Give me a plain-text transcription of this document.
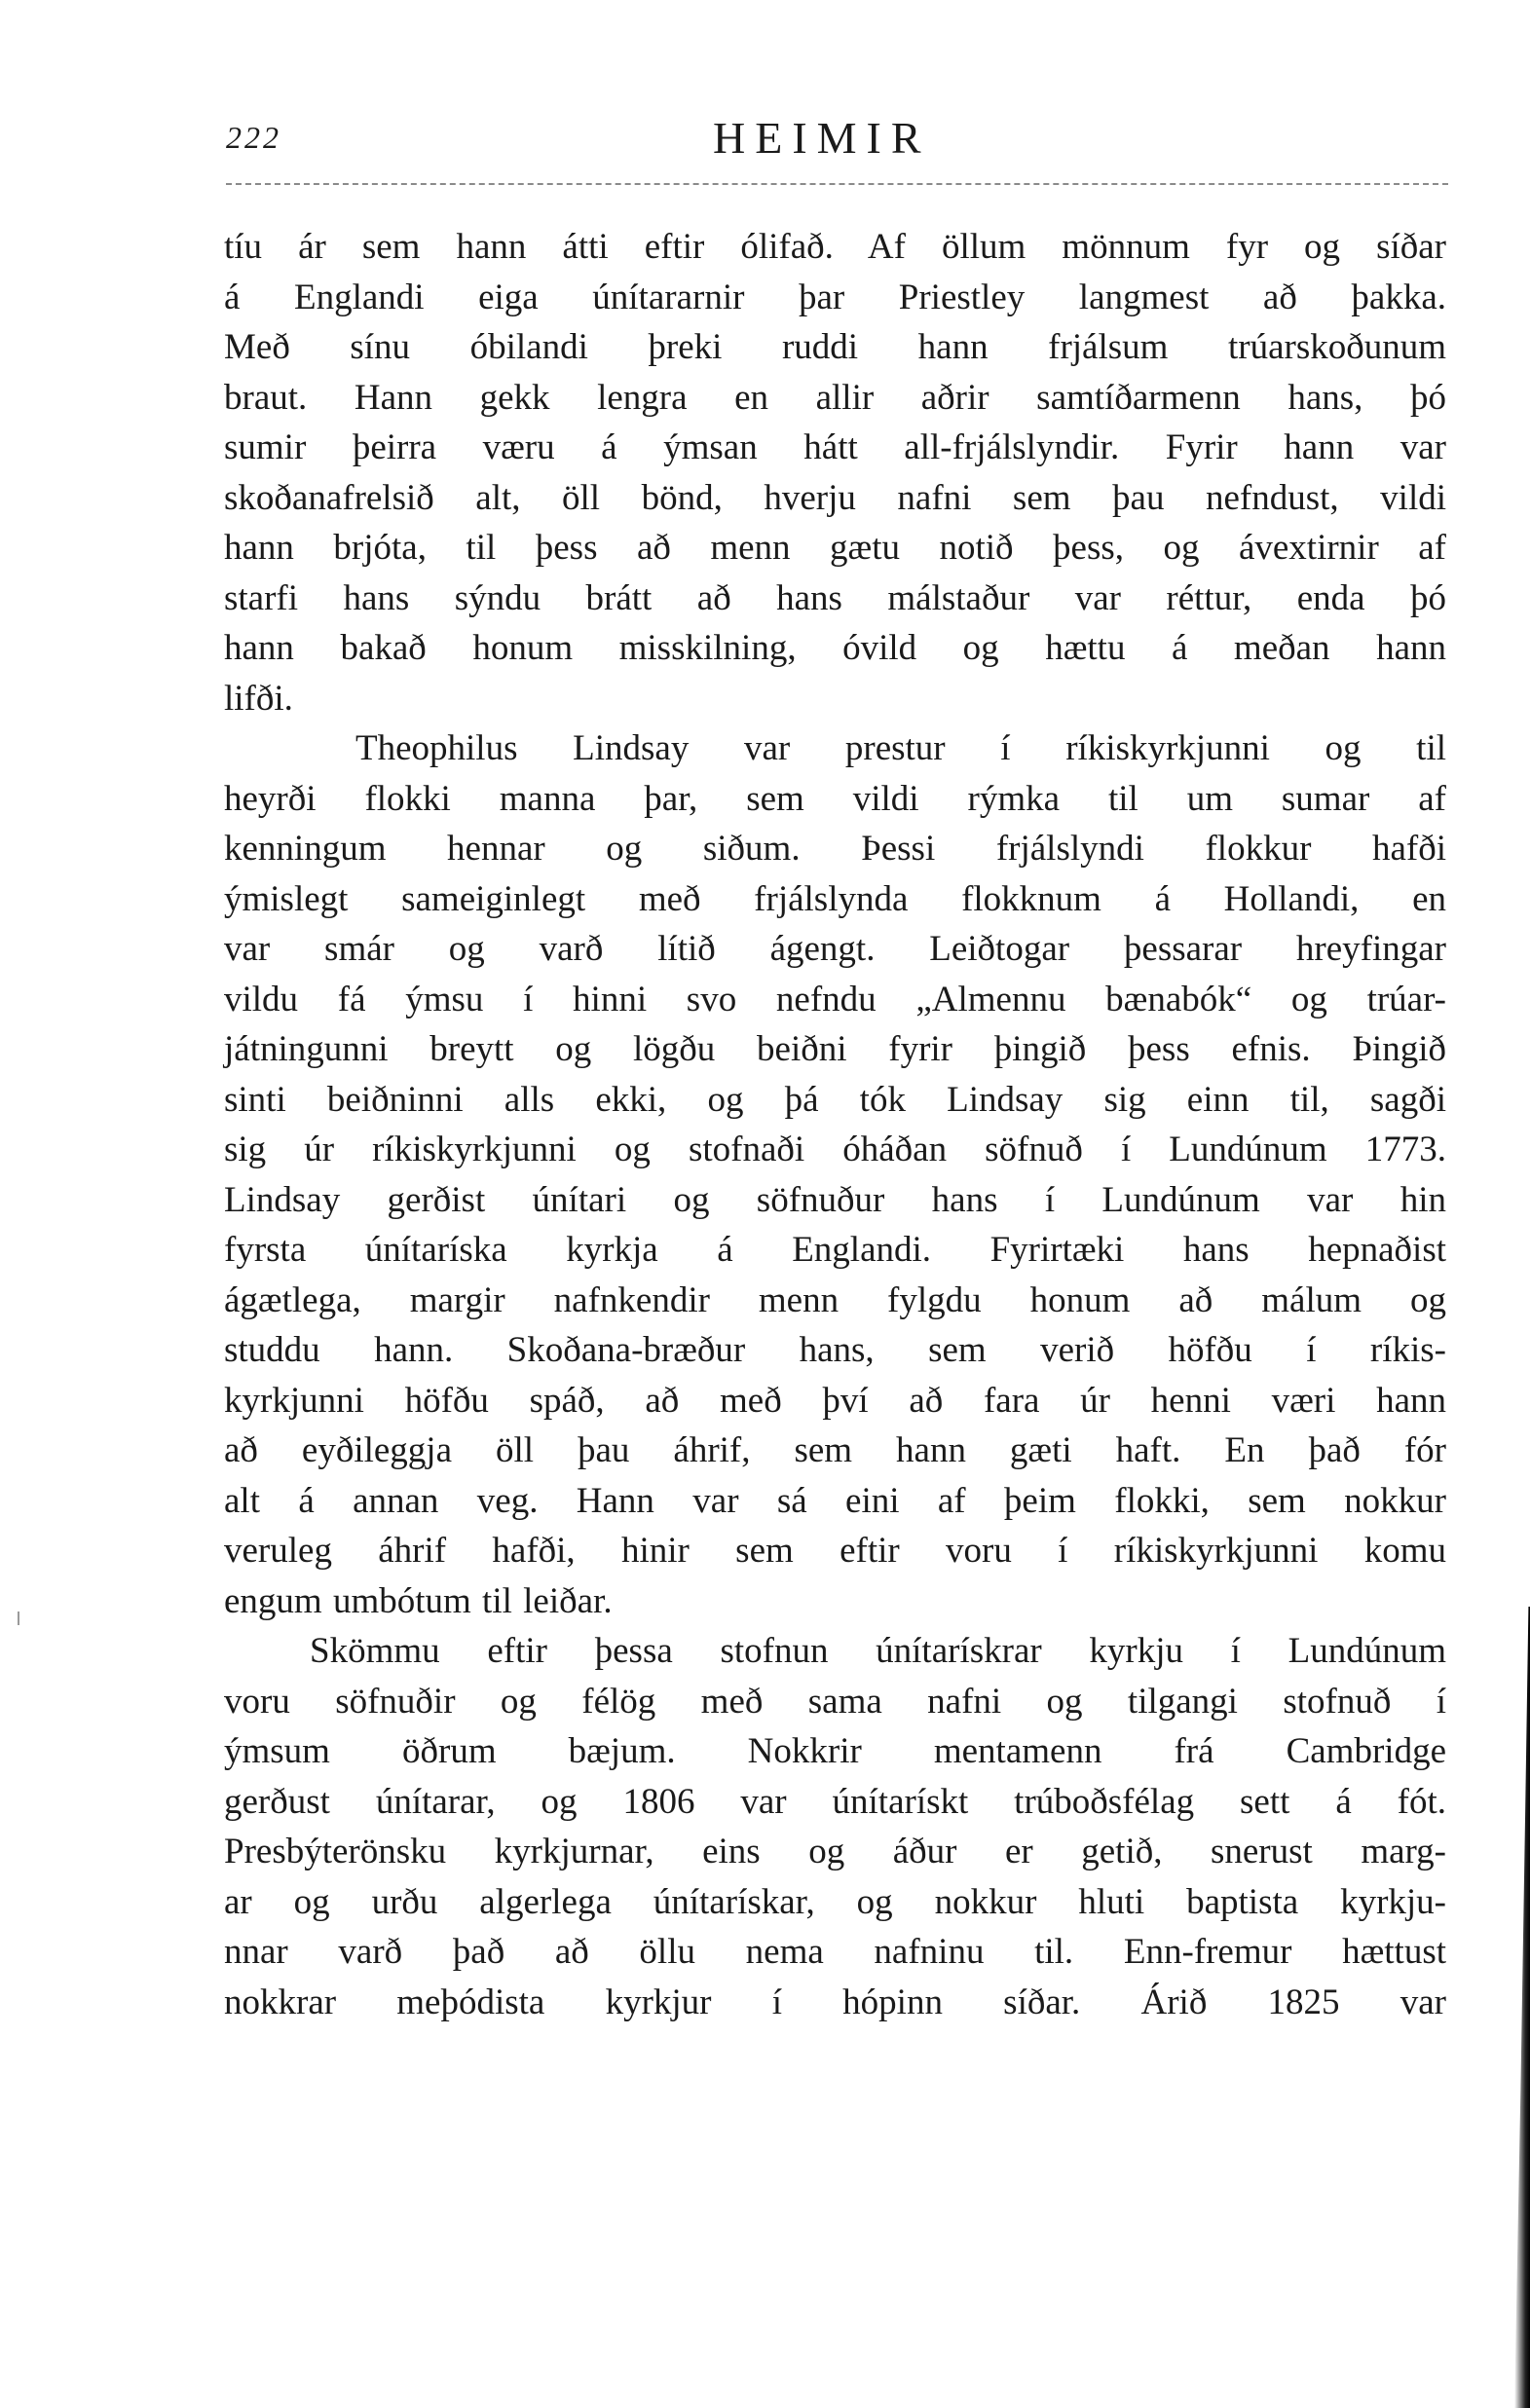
222	HEIMIR
tíu ár sem hann átti eftir ólifað. Af öllum mönnum fyr og síðar
á Englandi eiga únítararnir þar Priestley langmest að þakka.
Með sínu óbilandi þreki ruddi hann frjálsum trúarskoðunum
braut. Hann gekk lengra en allir aðrir samtíðarmenn hans, þó
sumir þeirra væru á ýmsan hátt all-frjálslyndir. Fyrir hann var
skoðanafrelsið alt, öll bönd, hverju nafni sem þau nefndust, vildi
hann brjóta, til þess að menn gætu notið þess, og ávextirnir af
starfi hans sýndu brátt að hans málstaður var réttur, enda þó
hann bakað honum misskilning, óvild og hættu á meðan hann
lifði.
Theophilus Lindsay var prestur í ríkiskyrkjunni og til
heyrði flokki manna þar, sem vildi rýmka til um sumar af
kenningum hennar og siðum. Þessi frjálslyndi flokkur hafði
ýmislegt sameiginlegt með frjálslynda flokknum á Hollandi, en
var smár og varð lítið ágengt. Leiðtogar þessarar hreyfingar
vildu fá ýmsu í hinni svo nefndu „Almennu bænabók“ og trúar-
játningunni breytt og lögðu beiðni fyrir þingið þess efnis. Þingið
sinti beiðninni alls ekki, og þá tók Lindsay sig einn til, sagði
sig úr ríkiskyrkjunni og stofnaði óháðan söfnuð í Lundúnum 1773.
Lindsay gerðist únítari og söfnuður hans í Lundúnum var hin
fyrsta únítaríska kyrkja á Englandi. Fyrirtæki hans hepnaðist
ágætlega, margir nafnkendir menn fylgdu honum að málum og
studdu hann. Skoðana-bræður hans, sem verið höfðu í ríkis-
kyrkjunni höfðu spáð, að með því að fara úr henni væri hann
að eyðileggja öll þau áhrif, sem hann gæti haft. En það fór
alt á annan veg. Hann var sá eini af þeim flokki, sem nokkur
veruleg áhrif hafði, hinir sem eftir voru í ríkiskyrkjunni komu
engum umbótum til leiðar.
Skömmu eftir þessa stofnun únítarískrar kyrkju í Lundúnum
voru söfnuðir og félög með sama nafni og tilgangi stofnuð í
ýmsum öðrum bæjum. Nokkrir mentamenn frá Cambridge
gerðust únítarar, og 1806 var únítarískt trúboðsfélag sett á fót.
Presbýterönsku kyrkjurnar, eins og áður er getið, snerust marg-
ar og urðu algerlega únítarískar, og nokkur hluti baptista kyrkju-
nnar varð það að öllu nema nafninu til. Enn-fremur hættust
nokkrar meþódista kyrkjur í hópinn síðar. Árið 1825 var
